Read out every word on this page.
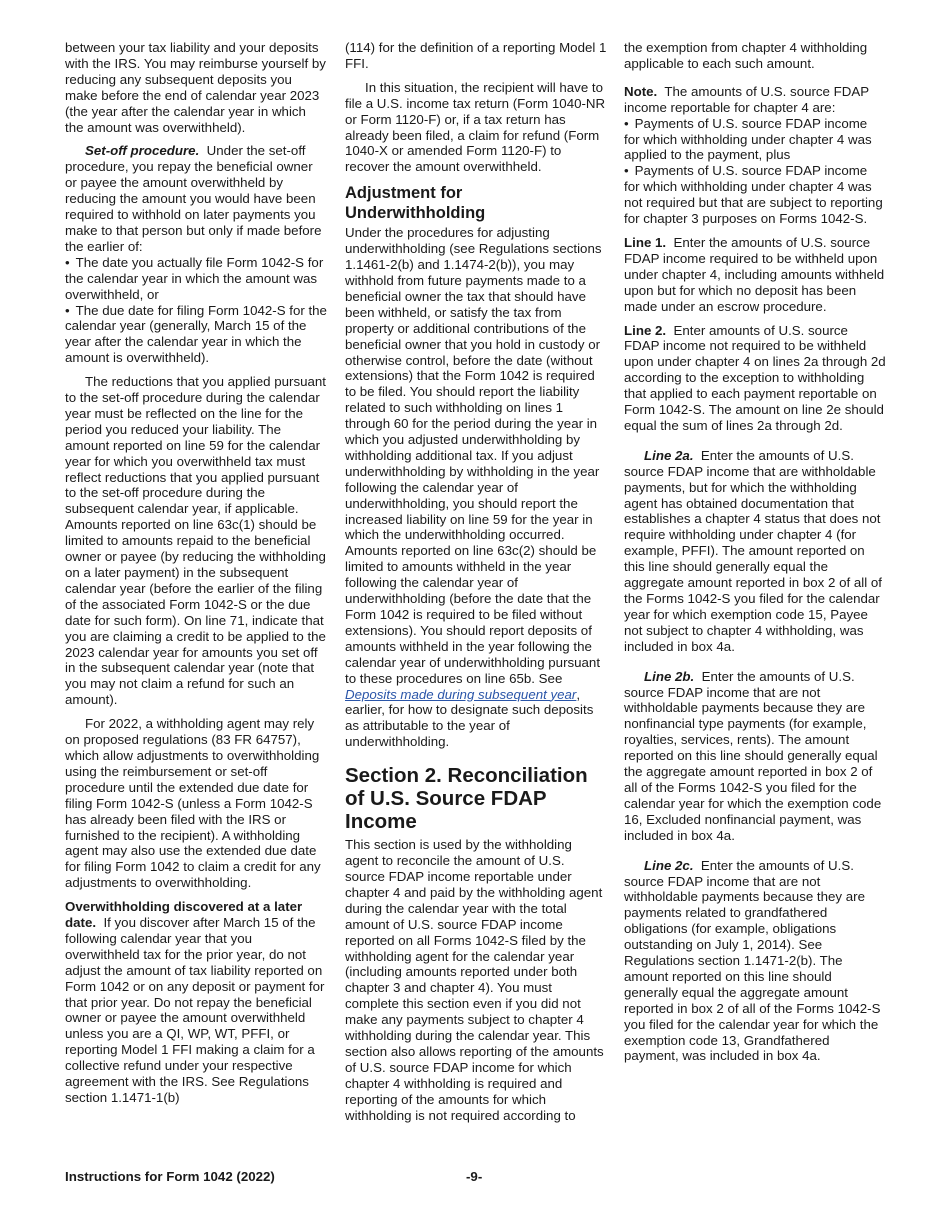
between your tax liability and your deposits with the IRS. You may reimburse yourself by reducing any subsequent deposits you make before the end of calendar year 2023 (the year after the calendar year in which the amount was overwithheld).

Set-off procedure. Under the set-off procedure, you repay the beneficial owner or payee the amount overwithheld by reducing the amount you would have been required to withhold on later payments you make to that person but only if made before the earlier of:

• The date you actually file Form 1042-S for the calendar year in which the amount was overwithheld, or

• The due date for filing Form 1042-S for the calendar year (generally, March 15 of the year after the calendar year in which the amount is overwithheld).

The reductions that you applied pursuant to the set-off procedure during the calendar year must be reflected on the line for the period you reduced your liability. The amount reported on line 59 for the calendar year for which you overwithheld tax must reflect reductions that you applied pursuant to the set-off procedure during the subsequent calendar year, if applicable. Amounts reported on line 63c(1) should be limited to amounts repaid to the beneficial owner or payee (by reducing the withholding on a later payment) in the subsequent calendar year (before the earlier of the filing of the associated Form 1042-S or the due date for such form). On line 71, indicate that you are claiming a credit to be applied to the 2023 calendar year for amounts you set off in the subsequent calendar year (note that you may not claim a refund for such an amount).

For 2022, a withholding agent may rely on proposed regulations (83 FR 64757), which allow adjustments to overwithholding using the reimbursement or set-off procedure until the extended due date for filing Form 1042-S (unless a Form 1042-S has already been filed with the IRS or furnished to the recipient). A withholding agent may also use the extended due date for filing Form 1042 to claim a credit for any adjustments to overwithholding.

Overwithholding discovered at a later date. If you discover after March 15 of the following calendar year that you overwithheld tax for the prior year, do not adjust the amount of tax liability reported on Form 1042 or on any deposit or payment for that prior year. Do not repay the beneficial owner or payee the amount overwithheld unless you are a QI, WP, WT, PFFI, or reporting Model 1 FFI making a claim for a collective refund under your respective agreement with the IRS. See Regulations section 1.1471-1(b)

(114) for the definition of a reporting Model 1 FFI.

In this situation, the recipient will have to file a U.S. income tax return (Form 1040-NR or Form 1120-F) or, if a tax return has already been filed, a claim for refund (Form 1040-X or amended Form 1120-F) to recover the amount overwithheld.

Adjustment for Underwithholding

Under the procedures for adjusting underwithholding (see Regulations sections 1.1461-2(b) and 1.1474-2(b)), you may withhold from future payments made to a beneficial owner the tax that should have been withheld, or satisfy the tax from property or additional contributions of the beneficial owner that you hold in custody or otherwise control, before the date (without extensions) that the Form 1042 is required to be filed. You should report the liability related to such withholding on lines 1 through 60 for the period during the year in which you adjusted underwithholding by withholding additional tax. If you adjust underwithholding by withholding in the year following the calendar year of underwithholding, you should report the increased liability on line 59 for the year in which the underwithholding occurred. Amounts reported on line 63c(2) should be limited to amounts withheld in the year following the calendar year of underwithholding (before the date that the Form 1042 is required to be filed without extensions). You should report deposits of amounts withheld in the year following the calendar year of underwithholding pursuant to these procedures on line 65b. See Deposits made during subsequent year, earlier, for how to designate such deposits as attributable to the year of underwithholding.

Section 2. Reconciliation of U.S. Source FDAP Income

This section is used by the withholding agent to reconcile the amount of U.S. source FDAP income reportable under chapter 4 and paid by the withholding agent during the calendar year with the total amount of U.S. source FDAP income reported on all Forms 1042-S filed by the withholding agent for the calendar year (including amounts reported under both chapter 3 and chapter 4). You must complete this section even if you did not make any payments subject to chapter 4 withholding during the calendar year. This section also allows reporting of the amounts of U.S. source FDAP income for which chapter 4 withholding is required and reporting of the amounts for which withholding is not required according to

the exemption from chapter 4 withholding applicable to each such amount.

Note. The amounts of U.S. source FDAP income reportable for chapter 4 are:

• Payments of U.S. source FDAP income for which withholding under chapter 4 was applied to the payment, plus

• Payments of U.S. source FDAP income for which withholding under chapter 4 was not required but that are subject to reporting for chapter 3 purposes on Forms 1042-S.

Line 1. Enter the amounts of U.S. source FDAP income required to be withheld upon under chapter 4, including amounts withheld upon but for which no deposit has been made under an escrow procedure.

Line 2. Enter amounts of U.S. source FDAP income not required to be withheld upon under chapter 4 on lines 2a through 2d according to the exception to withholding that applied to each payment reportable on Form 1042-S. The amount on line 2e should equal the sum of lines 2a through 2d.

Line 2a. Enter the amounts of U.S. source FDAP income that are withholdable payments, but for which the withholding agent has obtained documentation that establishes a chapter 4 status that does not require withholding under chapter 4 (for example, PFFI). The amount reported on this line should generally equal the aggregate amount reported in box 2 of all of the Forms 1042-S you filed for the calendar year for which exemption code 15, Payee not subject to chapter 4 withholding, was included in box 4a.

Line 2b. Enter the amounts of U.S. source FDAP income that are not withholdable payments because they are nonfinancial type payments (for example, royalties, services, rents). The amount reported on this line should generally equal the aggregate amount reported in box 2 of all of the Forms 1042-S you filed for the calendar year for which the exemption code 16, Excluded nonfinancial payment, was included in box 4a.

Line 2c. Enter the amounts of U.S. source FDAP income that are not withholdable payments because they are payments related to grandfathered obligations (for example, obligations outstanding on July 1, 2014). See Regulations section 1.1471-2(b). The amount reported on this line should generally equal the aggregate amount reported in box 2 of all of the Forms 1042-S you filed for the calendar year for which the exemption code 13, Grandfathered payment, was included in box 4a.

Instructions for Form 1042 (2022)	-9-
